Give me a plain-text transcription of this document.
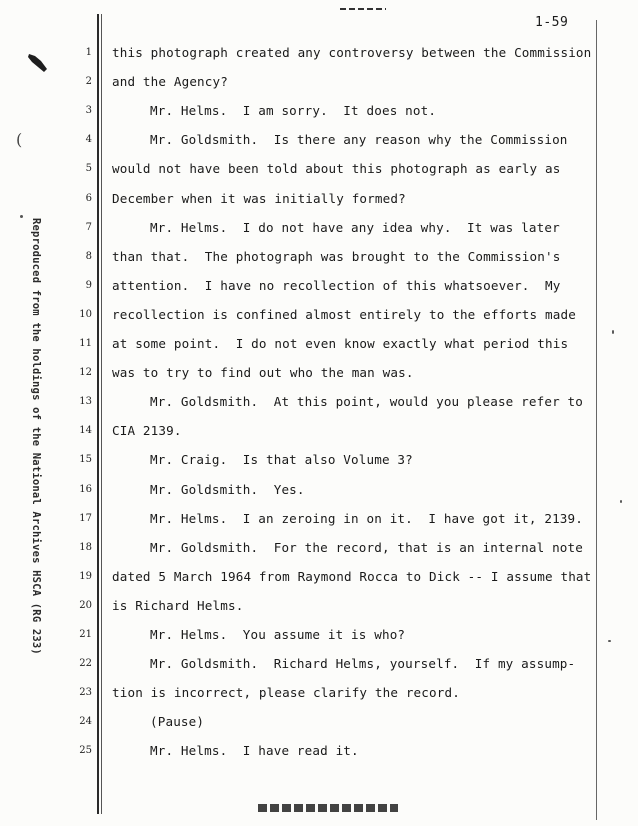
(
1-59
Reproduced from the holdings of the National Archives HSCA (RG 233)
1 this photograph created any controversy between the Commission
2 and the Agency?
3	Mr. Helms.  I am sorry.  It does not.
4	Mr. Goldsmith.  Is there any reason why the Commission
5 would not have been told about this photograph as early as
6 December when it was initially formed?
7	Mr. Helms.  I do not have any idea why.  It was later
8 than that.  The photograph was brought to the Commission's
9 attention.  I have no recollection of this whatsoever.  My
10 recollection is confined almost entirely to the efforts made
11 at some point.  I do not even know exactly what period this
12 was to try to find out who the man was.
13	Mr. Goldsmith.  At this point, would you please refer to
14 CIA 2139.
15	Mr. Craig.  Is that also Volume 3?
16	Mr. Goldsmith.  Yes.
17	Mr. Helms.  I an zeroing in on it.  I have got it, 2139.
18	Mr. Goldsmith.  For the record, that is an internal note
19 dated 5 March 1964 from Raymond Rocca to Dick -- I assume that
20 is Richard Helms.
21	Mr. Helms.  You assume it is who?
22	Mr. Goldsmith.  Richard Helms, yourself.  If my assump-
23 tion is incorrect, please clarify the record.
24	(Pause)
25	Mr. Helms.  I have read it.
